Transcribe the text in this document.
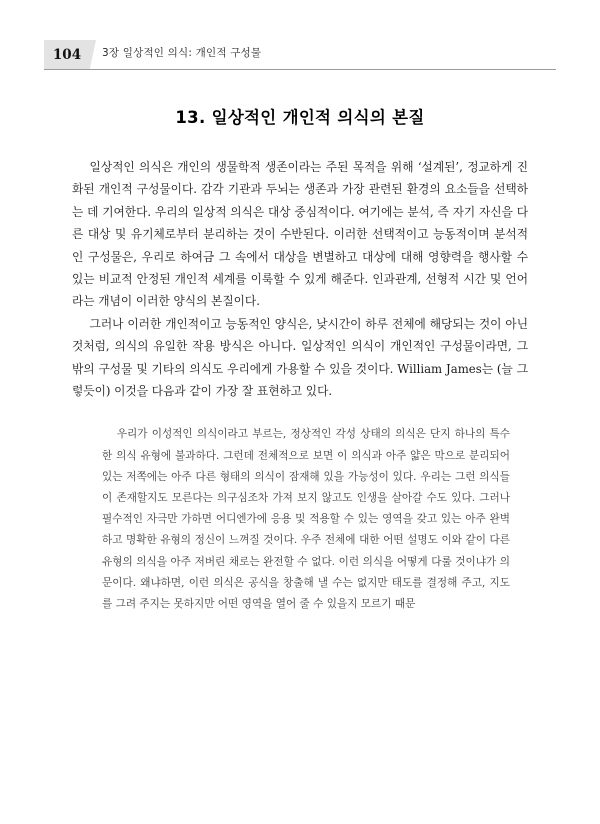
104	3장 일상적인 의식: 개인적 구성물
13. 일상적인 개인적 의식의 본질

일상적인 의식은 개인의 생물학적 생존이라는 주된 목적을 위해 ‘설계된’, 정교하게 진화된 개인적 구성물이다. 감각 기관과 두뇌는 생존과 가장 관련된 환경의 요소들을 선택하는 데 기여한다. 우리의 일상적 의식은 대상 중심적이다. 여기에는 분석, 즉 자기 자신을 다른 대상 및 유기체로부터 분리하는 것이 수반된다. 이러한 선택적이고 능동적이며 분석적인 구성물은, 우리로 하여금 그 속에서 대상을 변별하고 대상에 대해 영향력을 행사할 수 있는 비교적 안정된 개인적 세계를 이룩할 수 있게 해준다. 인과관계, 선형적 시간 및 언어라는 개념이 이러한 양식의 본질이다.

그러나 이러한 개인적이고 능동적인 양식은, 낮시간이 하루 전체에 해당되는 것이 아닌 것처럼, 의식의 유일한 작용 방식은 아니다. 일상적인 의식이 개인적인 구성물이라면, 그 밖의 구성물 및 기타의 의식도 우리에게 가용할 수 있을 것이다. William James는 (늘 그렇듯이) 이것을 다음과 같이 가장 잘 표현하고 있다.

우리가 이성적인 의식이라고 부르는, 정상적인 각성 상태의 의식은 단지 하나의 특수한 의식 유형에 불과하다. 그런데 전체적으로 보면 이 의식과 아주 얇은 막으로 분리되어 있는 저쪽에는 아주 다른 형태의 의식이 잠재해 있을 가능성이 있다. 우리는 그런 의식들이 존재할지도 모른다는 의구심조차 가져 보지 않고도 인생을 살아갈 수도 있다. 그러나 필수적인 자극만 가하면 어디엔가에 응용 및 적용할 수 있는 영역을 갖고 있는 아주 완벽하고 명확한 유형의 정신이 느껴질 것이다. 우주 전체에 대한 어떤 설명도 이와 같이 다른 유형의 의식을 아주 저버린 채로는 완전할 수 없다. 이런 의식을 어떻게 다룰 것이냐가 의문이다. 왜냐하면, 이런 의식은 공식을 창출해 낼 수는 없지만 태도를 결정해 주고, 지도를 그려 주지는 못하지만 어떤 영역을 열어 줄 수 있을지 모르기 때문
